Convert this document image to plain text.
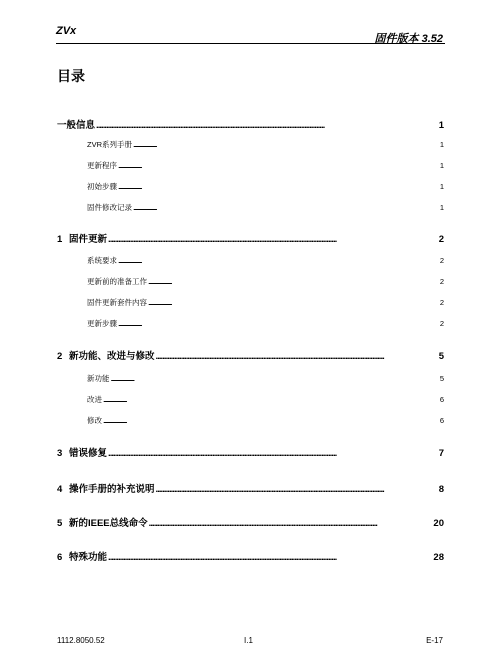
ZVx
固件版本 3.52
目录
一般信息 . . .	1
ZVR系列手册 . . .	1
更新程序 . . .	1
初始步骤 . . .	1
固件修改记录 . . .	1
1 固件更新 . . .	2
系统要求 . . .	2
更新前的准备工作 . . .	2
固件更新套件内容 . . .	2
更新步骤 . . .	2
2 新功能、改进与修改 . . .	5
新功能 . . .	5
改进 . . .	6
修改 . . .	6
3 错误修复 . . .	7
4 操作手册的补充说明 . . .	8
5 新的IEEE总线命令 . . .	20
6 特殊功能 . . .	28
1112.8050.52	I.1	E-17
